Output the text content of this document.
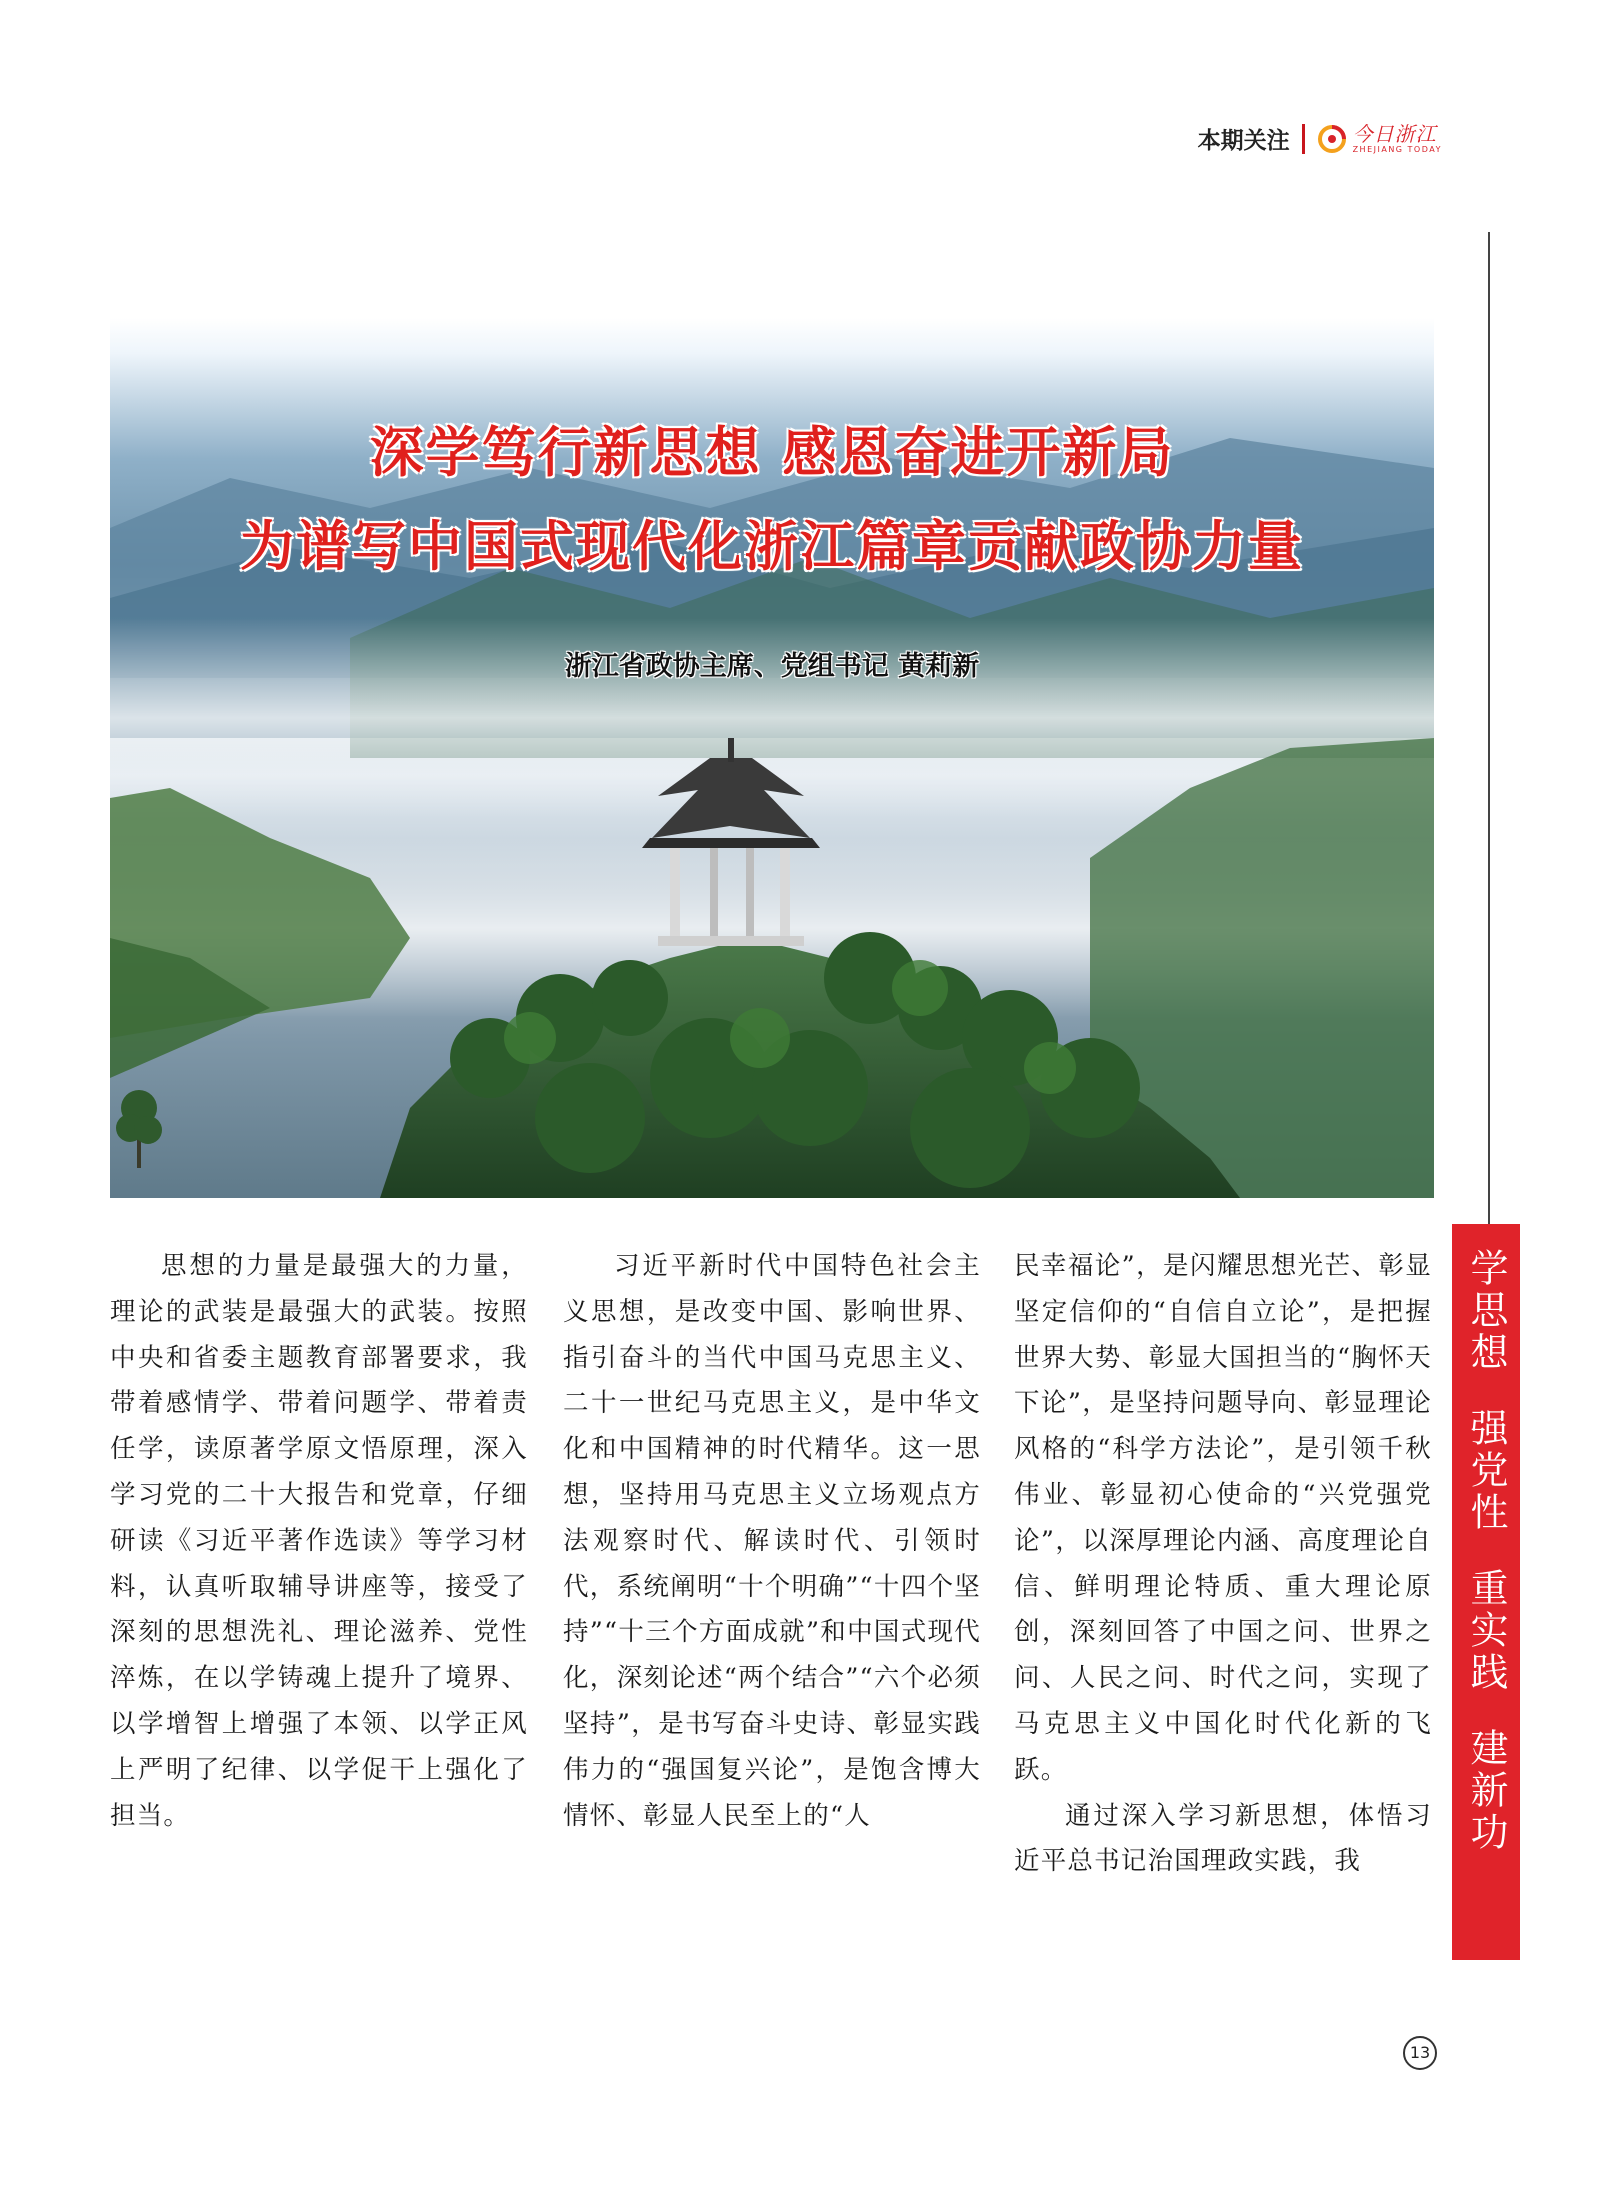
本期关注	今日浙江
ZHEJIANG TODAY
深学笃行新思想 感恩奋进开新局
为谱写中国式现代化浙江篇章贡献政协力量
浙江省政协主席、党组书记 黄莉新

思想的力量是最强大的力量，理论的武装是最强大的武装。按照中央和省委主题教育部署要求，我带着感情学、带着问题学、带着责任学，读原著学原文悟原理，深入学习党的二十大报告和党章，仔细研读《习近平著作选读》等学习材料，认真听取辅导讲座等，接受了深刻的思想洗礼、理论滋养、党性淬炼，在以学铸魂上提升了境界、以学增智上增强了本领、以学正风上严明了纪律、以学促干上强化了担当。

习近平新时代中国特色社会主义思想，是改变中国、影响世界、指引奋斗的当代中国马克思主义、二十一世纪马克思主义，是中华文化和中国精神的时代精华。这一思想，坚持用马克思主义立场观点方法观察时代、解读时代、引领时代，系统阐明“十个明确”“十四个坚持”“十三个方面成就”和中国式现代化，深刻论述“两个结合”“六个必须坚持”，是书写奋斗史诗、彰显实践伟力的“强国复兴论”，是饱含博大情怀、彰显人民至上的“人

民幸福论”，是闪耀思想光芒、彰显坚定信仰的“自信自立论”，是把握世界大势、彰显大国担当的“胸怀天下论”，是坚持问题导向、彰显理论风格的“科学方法论”，是引领千秋伟业、彰显初心使命的“兴党强党论”，以深厚理论内涵、高度理论自信、鲜明理论特质、重大理论原创，深刻回答了中国之问、世界之问、人民之问、时代之问，实现了马克思主义中国化时代化新的飞跃。

通过深入学习新思想，体悟习近平总书记治国理政实践，我

学思想强党性重实践建新功
13
